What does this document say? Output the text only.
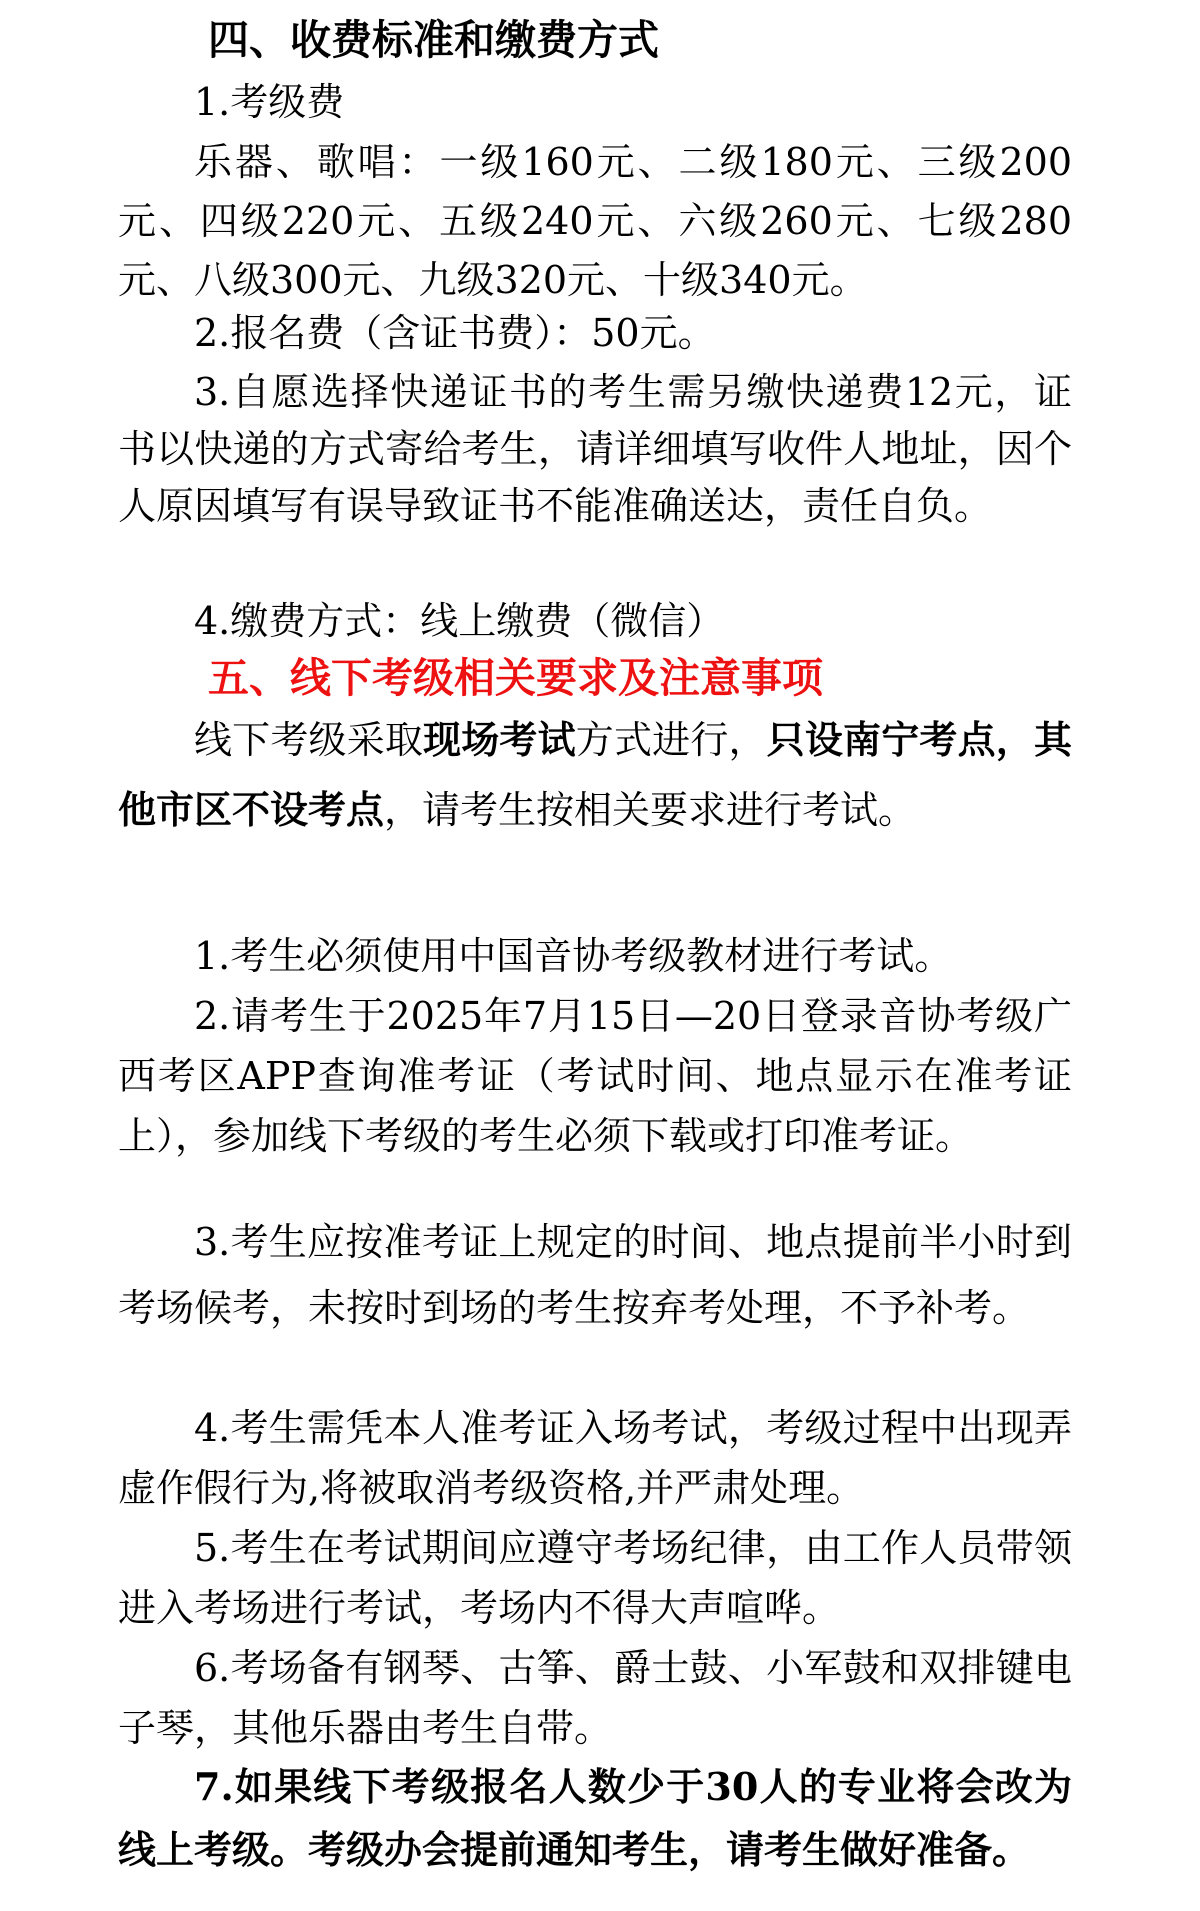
四、收费标准和缴费方式

1.考级费

乐器、歌唱：一级160元、二级180元、三级200元、四级220元、五级240元、六级260元、七级280元、八级300元、九级320元、十级340元。

2.报名费（含证书费）：50元。

3.自愿选择快递证书的考生需另缴快递费12元，证书以快递的方式寄给考生，请详细填写收件人地址，因个人原因填写有误导致证书不能准确送达，责任自负。

4.缴费方式：线上缴费（微信）

五、线下考级相关要求及注意事项

线下考级采取现场考试方式进行，只设南宁考点，其他市区不设考点，请考生按相关要求进行考试。

1.考生必须使用中国音协考级教材进行考试。

2.请考生于2025年7月15日—20日登录音协考级广西考区APP查询准考证（考试时间、地点显示在准考证上），参加线下考级的考生必须下载或打印准考证。

3.考生应按准考证上规定的时间、地点提前半小时到考场候考，未按时到场的考生按弃考处理，不予补考。

4.考生需凭本人准考证入场考试，考级过程中出现弄虚作假行为,将被取消考级资格,并严肃处理。

5.考生在考试期间应遵守考场纪律，由工作人员带领进入考场进行考试，考场内不得大声喧哗。

6.考场备有钢琴、古筝、爵士鼓、小军鼓和双排键电子琴，其他乐器由考生自带。

7.如果线下考级报名人数少于30人的专业将会改为线上考级。考级办会提前通知考生，请考生做好准备。
